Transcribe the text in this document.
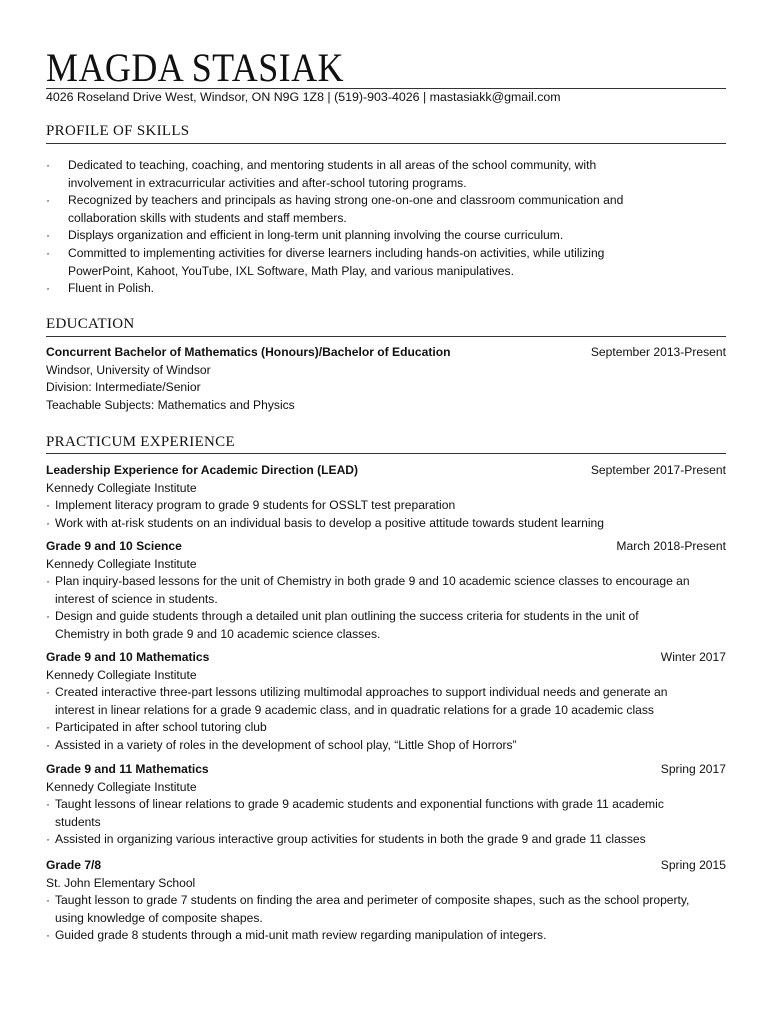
MAGDA STASIAK
4026 Roseland Drive West, Windsor, ON N9G 1Z8 | (519)-903-4026 | mastasiakk@gmail.com
PROFILE OF SKILLS
· Dedicated to teaching, coaching, and mentoring students in all areas of the school community, with
involvement in extracurricular activities and after-school tutoring programs.
· Recognized by teachers and principals as having strong one-on-one and classroom communication and
collaboration skills with students and staff members.
· Displays organization and efficient in long-term unit planning involving the course curriculum.
· Committed to implementing activities for diverse learners including hands-on activities, while utilizing
PowerPoint, Kahoot, YouTube, IXL Software, Math Play, and various manipulatives.
· Fluent in Polish.
EDUCATION
Concurrent Bachelor of Mathematics (Honours)/Bachelor of Education	September 2013-Present
Windsor, University of Windsor
Division: Intermediate/Senior
Teachable Subjects: Mathematics and Physics
PRACTICUM EXPERIENCE
Leadership Experience for Academic Direction (LEAD)	September 2017-Present
Kennedy Collegiate Institute
· Implement literacy program to grade 9 students for OSSLT test preparation
· Work with at-risk students on an individual basis to develop a positive attitude towards student learning
Grade 9 and 10 Science	March 2018-Present
Kennedy Collegiate Institute
· Plan inquiry-based lessons for the unit of Chemistry in both grade 9 and 10 academic science classes to encourage an
interest of science in students.
· Design and guide students through a detailed unit plan outlining the success criteria for students in the unit of
Chemistry in both grade 9 and 10 academic science classes.
Grade 9 and 10 Mathematics	Winter 2017
Kennedy Collegiate Institute
· Created interactive three-part lessons utilizing multimodal approaches to support individual needs and generate an
interest in linear relations for a grade 9 academic class, and in quadratic relations for a grade 10 academic class
· Participated in after school tutoring club
· Assisted in a variety of roles in the development of school play, “Little Shop of Horrors”
Grade 9 and 11 Mathematics	Spring 2017
Kennedy Collegiate Institute
· Taught lessons of linear relations to grade 9 academic students and exponential functions with grade 11 academic
students
· Assisted in organizing various interactive group activities for students in both the grade 9 and grade 11 classes
Grade 7/8	Spring 2015
St. John Elementary School
· Taught lesson to grade 7 students on finding the area and perimeter of composite shapes, such as the school property,
using knowledge of composite shapes.
· Guided grade 8 students through a mid-unit math review regarding manipulation of integers.
